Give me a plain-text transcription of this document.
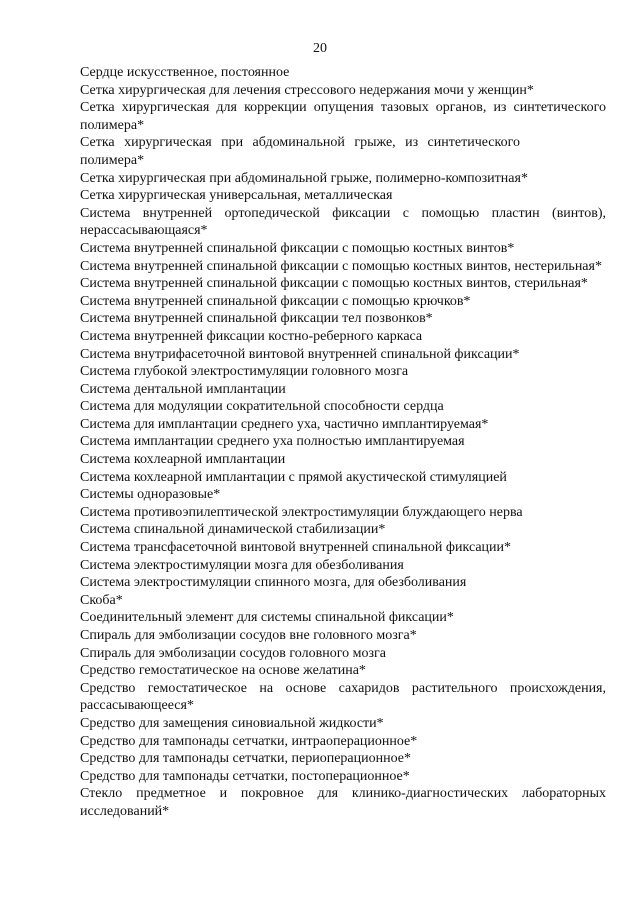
20

Сердце искусственное, постоянное

Сетка хирургическая для лечения стрессового недержания мочи у женщин*

Сетка хирургическая для коррекции опущения тазовых органов, из синтетического полимера*

Сетка хирургическая при абдоминальной грыже, из синтетического полимера*

Сетка хирургическая при абдоминальной грыже, полимерно-композитная*

Сетка хирургическая универсальная, металлическая

Система внутренней ортопедической фиксации с помощью пластин (винтов), нерассасывающаяся*

Система внутренней спинальной фиксации с помощью костных винтов*

Система внутренней спинальной фиксации с помощью костных винтов, нестерильная*

Система внутренней спинальной фиксации с помощью костных винтов, стерильная*

Система внутренней спинальной фиксации с помощью крючков*

Система внутренней спинальной фиксации тел позвонков*

Система внутренней фиксации костно-реберного каркаса

Система внутрифасеточной винтовой внутренней спинальной фиксации*

Система глубокой электростимуляции головного мозга

Система дентальной имплантации

Система для модуляции сократительной способности сердца

Система для имплантации среднего уха, частично имплантируемая*

Система имплантации среднего уха полностью имплантируемая

Система кохлеарной имплантации

Система кохлеарной имплантации с прямой акустической стимуляцией

Системы одноразовые*

Система противоэпилептической электростимуляции блуждающего нерва

Система спинальной динамической стабилизации*

Система трансфасеточной винтовой внутренней спинальной фиксации*

Система электростимуляции мозга для обезболивания

Система электростимуляции спинного мозга, для обезболивания

Скоба*

Соединительный элемент для системы спинальной фиксации*

Спираль для эмболизации сосудов вне головного мозга*

Спираль для эмболизации сосудов головного мозга

Средство гемостатическое на основе желатина*

Средство гемостатическое на основе сахаридов растительного происхождения, рассасывающееся*

Средство для замещения синовиальной жидкости*

Средство для тампонады сетчатки, интраоперационное*

Средство для тампонады сетчатки, периоперационное*

Средство для тампонады сетчатки, постоперационное*

Стекло предметное и покровное для клинико-диагностических лабораторных исследований*
